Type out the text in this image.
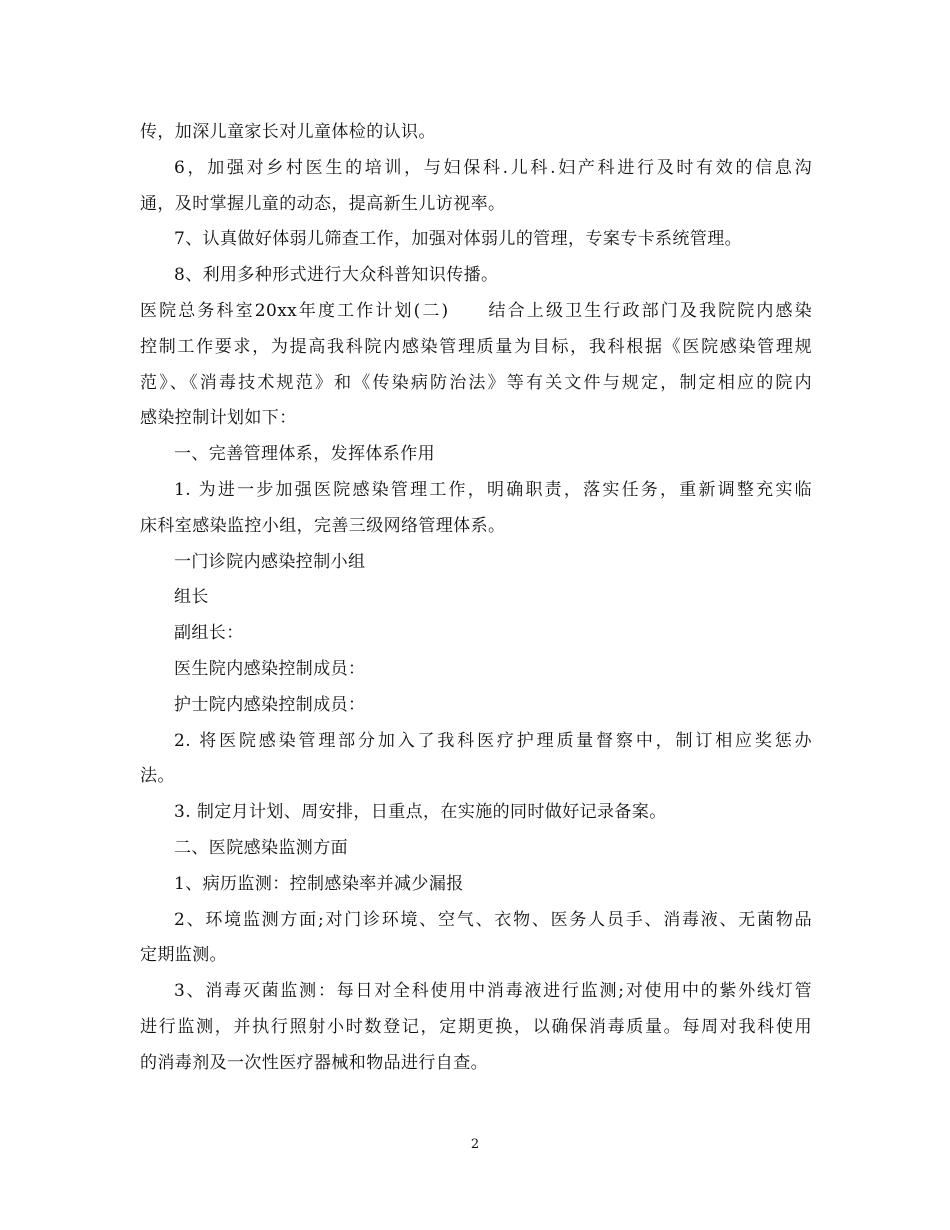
传，加深儿童家长对儿童体检的认识。
6，加强对乡村医生的培训，与妇保科.儿科.妇产科进行及时有效的信息沟
通，及时掌握儿童的动态，提高新生儿访视率。
7、认真做好体弱儿筛查工作，加强对体弱儿的管理，专案专卡系统管理。
8、利用多种形式进行大众科普知识传播。
医院总务科室20xx年度工作计划(二)　　结合上级卫生行政部门及我院院内感染
控制工作要求，为提高我科院内感染管理质量为目标，我科根据《医院感染管理规
范》、《消毒技术规范》和《传染病防治法》等有关文件与规定，制定相应的院内
感染控制计划如下：
一、完善管理体系，发挥体系作用
1. 为进一步加强医院感染管理工作，明确职责，落实任务，重新调整充实临
床科室感染监控小组，完善三级网络管理体系。
一门诊院内感染控制小组
组长
副组长：
医生院内感染控制成员：
护士院内感染控制成员：
2. 将医院感染管理部分加入了我科医疗护理质量督察中，制订相应奖惩办
法。
3. 制定月计划、周安排，日重点，在实施的同时做好记录备案。
二、医院感染监测方面
1、病历监测：控制感染率并减少漏报
2、环境监测方面;对门诊环境、空气、衣物、医务人员手、消毒液、无菌物品
定期监测。
3、消毒灭菌监测：每日对全科使用中消毒液进行监测;对使用中的紫外线灯管
进行监测，并执行照射小时数登记，定期更换，以确保消毒质量。每周对我科使用
的消毒剂及一次性医疗器械和物品进行自查。
2
